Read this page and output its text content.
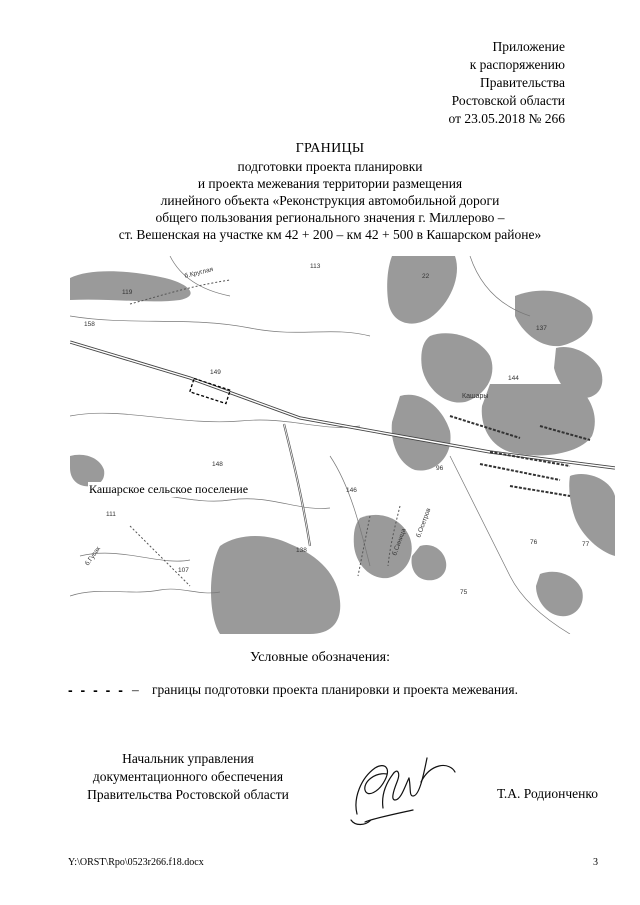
Приложение
к распоряжению
Правительства
Ростовской области
от 23.05.2018 № 266
ГРАНИЦЫ
подготовки проекта планировки
и проекта межевания территории размещения
линейного объекта «Реконструкция автомобильной дороги
общего пользования регионального значения г. Миллерово –
ст. Вешенская на участке км 42 + 200 – км 42 + 500 в Кашарском районе»
б.Круглая
б.Осетров
б.Синица
б.Гусак
Кашары
113
119
158
149
148
146
138
111
107
137
96
76
75
77
22
144
Кашарское сельское поселение
Условные обозначения:
- - - - - – границы подготовки проекта планировки и проекта межевания.
Начальник управления
документационного обеспечения
Правительства Ростовской области	Т.А. Родионченко
Y:\ORST\Rpo\0523r266.f18.docx	3
